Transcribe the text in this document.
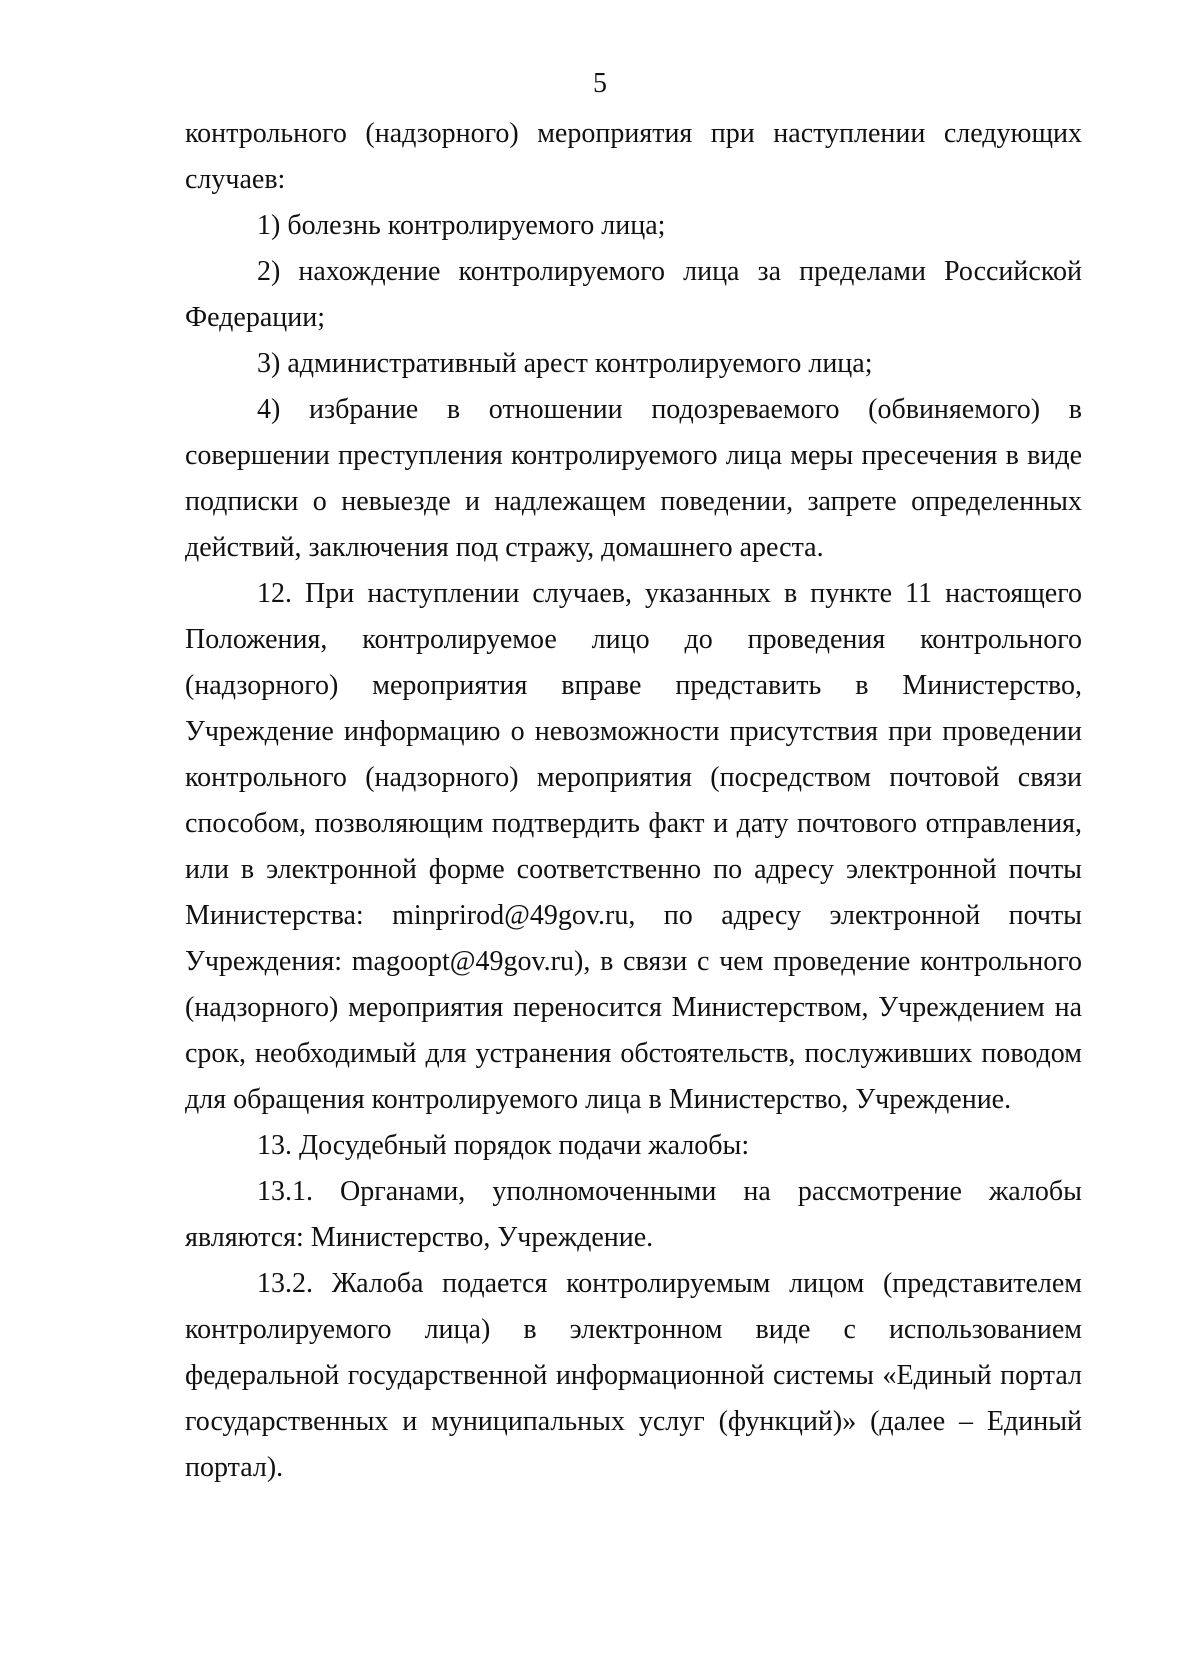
5
контрольного (надзорного) мероприятия при наступлении следующих
случаев:
1) болезнь контролируемого лица;
2) нахождение контролируемого лица за пределами Российской
Федерации;
3) административный арест контролируемого лица;
4) избрание в отношении подозреваемого (обвиняемого) в
совершении преступления контролируемого лица меры пресечения в виде
подписки о невыезде и надлежащем поведении, запрете определенных
действий, заключения под стражу, домашнего ареста.
12. При наступлении случаев, указанных в пункте 11 настоящего
Положения, контролируемое лицо до проведения контрольного
(надзорного) мероприятия вправе представить в Министерство,
Учреждение информацию о невозможности присутствия при проведении
контрольного (надзорного) мероприятия (посредством почтовой связи
способом, позволяющим подтвердить факт и дату почтового отправления,
или в электронной форме соответственно по адресу электронной почты
Министерства: minprirod@49gov.ru, по адресу электронной почты
Учреждения: magoopt@49gov.ru), в связи с чем проведение контрольного
(надзорного) мероприятия переносится Министерством, Учреждением на
срок, необходимый для устранения обстоятельств, послуживших поводом
для обращения контролируемого лица в Министерство, Учреждение.
13. Досудебный порядок подачи жалобы:
13.1. Органами, уполномоченными на рассмотрение жалобы
являются: Министерство, Учреждение.
13.2. Жалоба подается контролируемым лицом (представителем
контролируемого лица) в электронном виде с использованием
федеральной государственной информационной системы «Единый портал
государственных и муниципальных услуг (функций)» (далее – Единый
портал).
